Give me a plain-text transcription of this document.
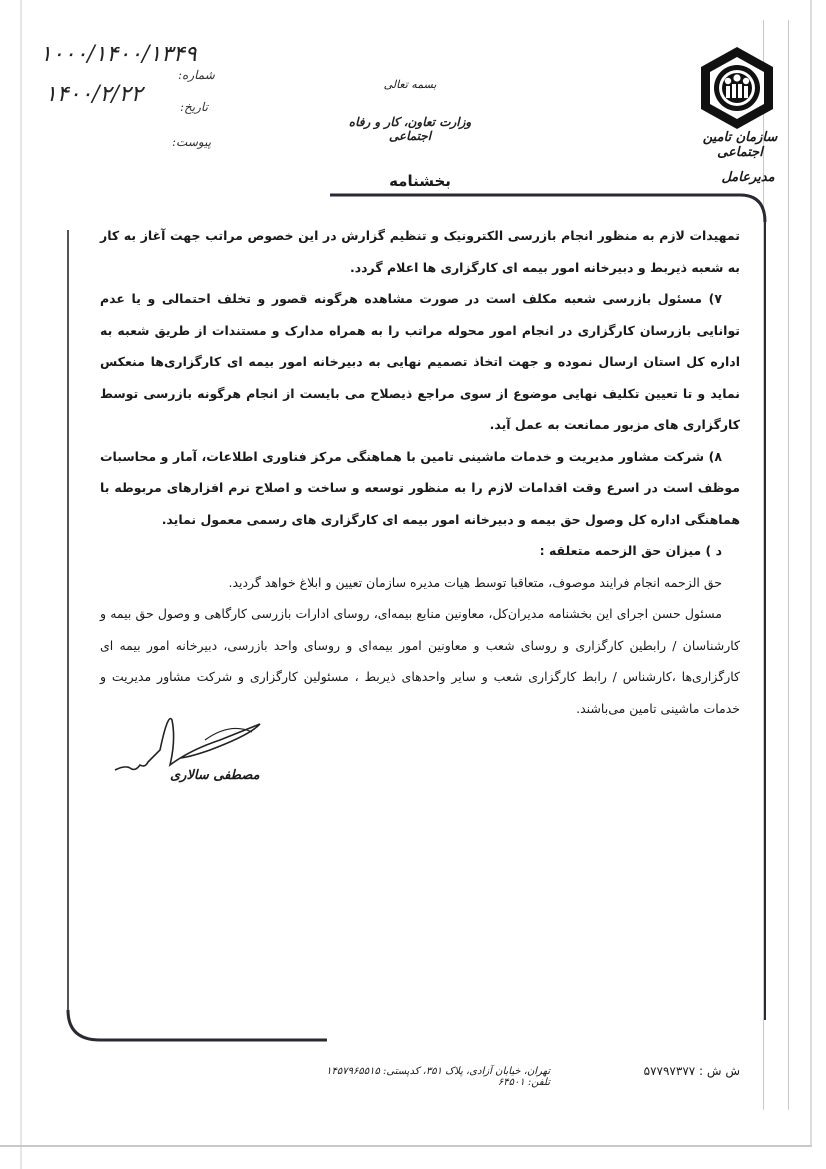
۱۰۰۰/۱۴۰۰/۱۳۴۹
شماره:
۱۴۰۰/۲/۲۲	تاریخ:
پیوست:
بسمه تعالی
وزارت تعاون، کار و رفاه اجتماعی
بخشنامه
سازمان تامین اجتماعی
مدیرعامل

تمهیدات لازم به منظور انجام بازرسی الکترونیک و تنظیم گزارش در این خصوص مراتب جهت آغاز به کار به شعبه ذیربط و دبیرخانه امور بیمه ای کارگزاری ها اعلام گردد.

۷) مسئول بازرسی شعبه مکلف است در صورت مشاهده هرگونه قصور و تخلف احتمالی و یا عدم توانایی بازرسان کارگزاری در انجام امور محوله مراتب را به همراه مدارک و مستندات از طریق شعبه به اداره کل استان ارسال نموده و جهت اتخاذ تصمیم نهایی به دبیرخانه امور بیمه ای کارگزاری‌ها منعکس نماید و تا تعیین تکلیف نهایی موضوع از سوی مراجع ذیصلاح می بایست از انجام هرگونه بازرسی توسط کارگزاری های مزبور ممانعت به عمل آید.

۸) شرکت مشاور مدیریت و خدمات ماشینی تامین با هماهنگی مرکز فناوری اطلاعات، آمار و محاسبات موظف است در اسرع وقت اقدامات لازم را به منظور توسعه و ساخت و اصلاح نرم افزارهای مربوطه با هماهنگی اداره کل وصول حق بیمه و دبیرخانه امور بیمه ای کارگزاری های رسمی معمول نماید.

د ) میزان حق الزحمه متعلقه :

حق الزحمه انجام فرایند موصوف، متعاقبا توسط هیات مدیره سازمان تعیین و ابلاغ خواهد گردید.

مسئول حسن اجرای این بخشنامه مدیران‌کل، معاونین منابع بیمه‌ای، روسای ادارات بازرسی کارگاهی و وصول حق بیمه و کارشناسان / رابطین کارگزاری و روسای شعب و معاونین امور بیمه‌ای و روسای واحد بازرسی، دبیرخانه امور بیمه ای کارگزاری‌ها ،کارشناس / رابط کارگزاری شعب و سایر واحدهای ذیربط ، مسئولین کارگزاری و شرکت مشاور مدیریت و خدمات ماشینی تامین می‌باشند.

مصطفی سالاری
تهران، خیابان آزادی، پلاک ۳۵۱، کدپستی: ۱۴۵۷۹۶۵۵۱۵ تلفن: ۶۴۵۰۱
ش ش : ۵۷۷۹۷۳۷۷
